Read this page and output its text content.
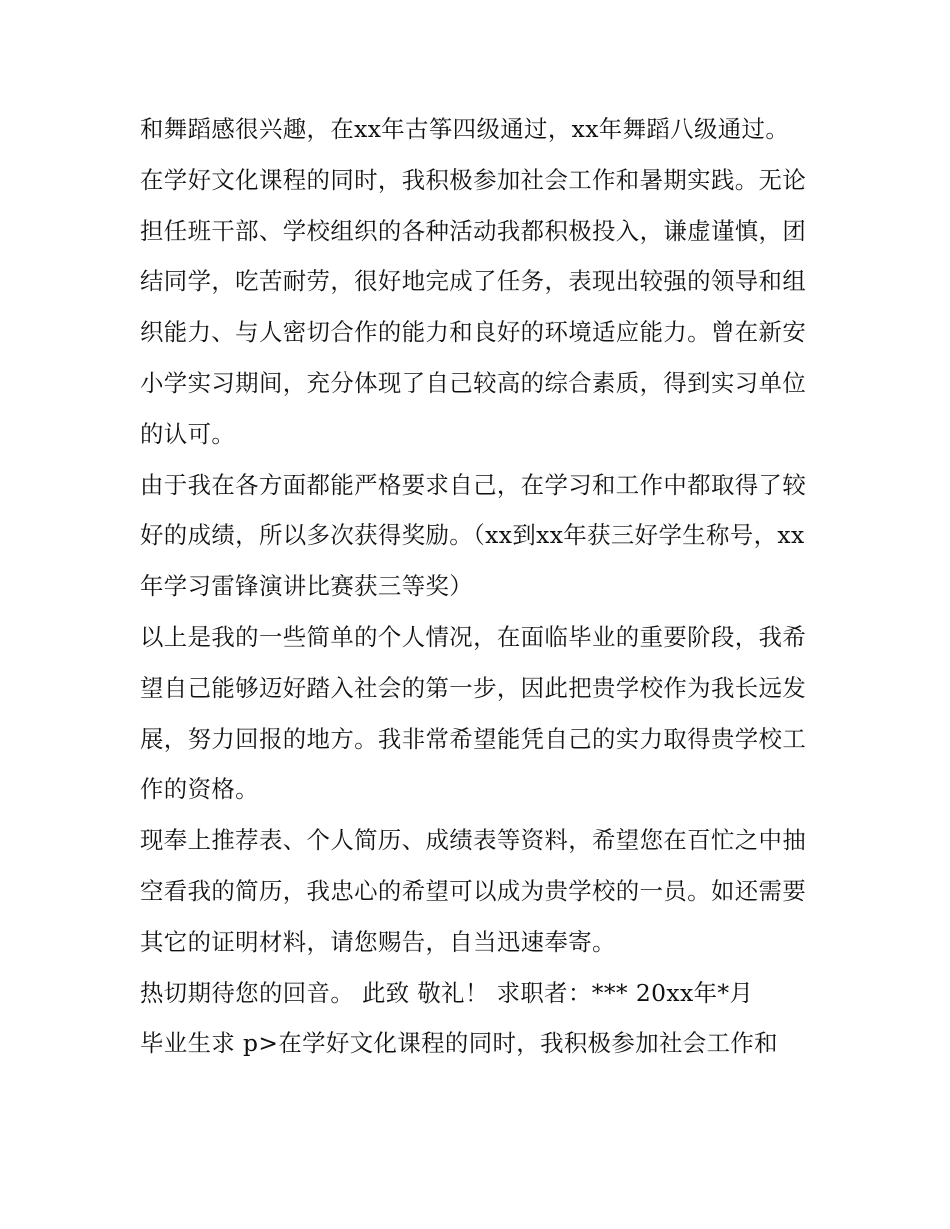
和舞蹈感很兴趣，在xx年古筝四级通过，xx年舞蹈八级通过。

在学好文化课程的同时，我积极参加社会工作和暑期实践。无论担任班干部、学校组织的各种活动我都积极投入，谦虚谨慎，团结同学，吃苦耐劳，很好地完成了任务，表现出较强的领导和组织能力、与人密切合作的能力和良好的环境适应能力。曾在新安小学实习期间，充分体现了自己较高的综合素质，得到实习单位的认可。

由于我在各方面都能严格要求自己，在学习和工作中都取得了较好的成绩，所以多次获得奖励。（xx到xx年获三好学生称号，xx年学习雷锋演讲比赛获三等奖）

以上是我的一些简单的个人情况，在面临毕业的重要阶段，我希望自己能够迈好踏入社会的第一步，因此把贵学校作为我长远发展，努力回报的地方。我非常希望能凭自己的实力取得贵学校工作的资格。

现奉上推荐表、个人简历、成绩表等资料，希望您在百忙之中抽空看我的简历，我忠心的希望可以成为贵学校的一员。如还需要其它的证明材料，请您赐告，自当迅速奉寄。

热切期待您的回音。 此致 敬礼！ 求职者：*** 20xx年*月

毕业生求 p>在学好文化课程的同时，我积极参加社会工作和
